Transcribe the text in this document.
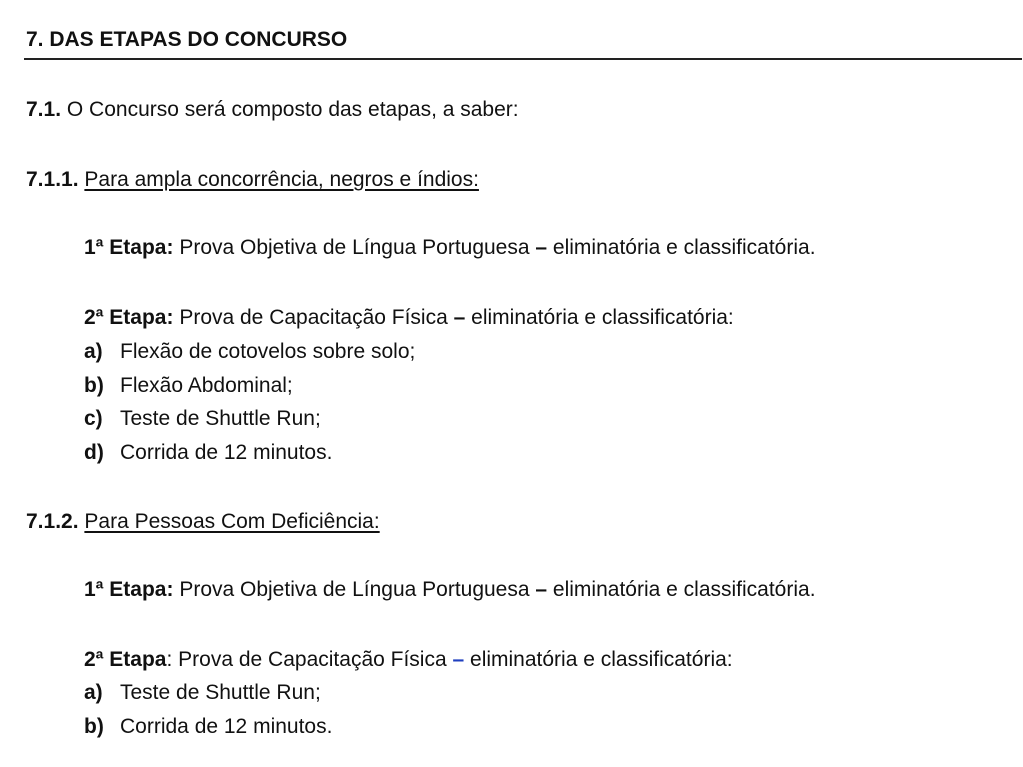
7. DAS ETAPAS DO CONCURSO
7.1. O Concurso será composto das etapas, a saber:
7.1.1. Para ampla concorrência, negros e índios:
1ª Etapa: Prova Objetiva de Língua Portuguesa – eliminatória e classificatória.
2ª Etapa: Prova de Capacitação Física – eliminatória e classificatória:
a) Flexão de cotovelos sobre solo;
b) Flexão Abdominal;
c) Teste de Shuttle Run;
d) Corrida de 12 minutos.
7.1.2. Para Pessoas Com Deficiência:
1ª Etapa: Prova Objetiva de Língua Portuguesa – eliminatória e classificatória.
2ª Etapa: Prova de Capacitação Física – eliminatória e classificatória:
a) Teste de Shuttle Run;
b) Corrida de 12 minutos.
